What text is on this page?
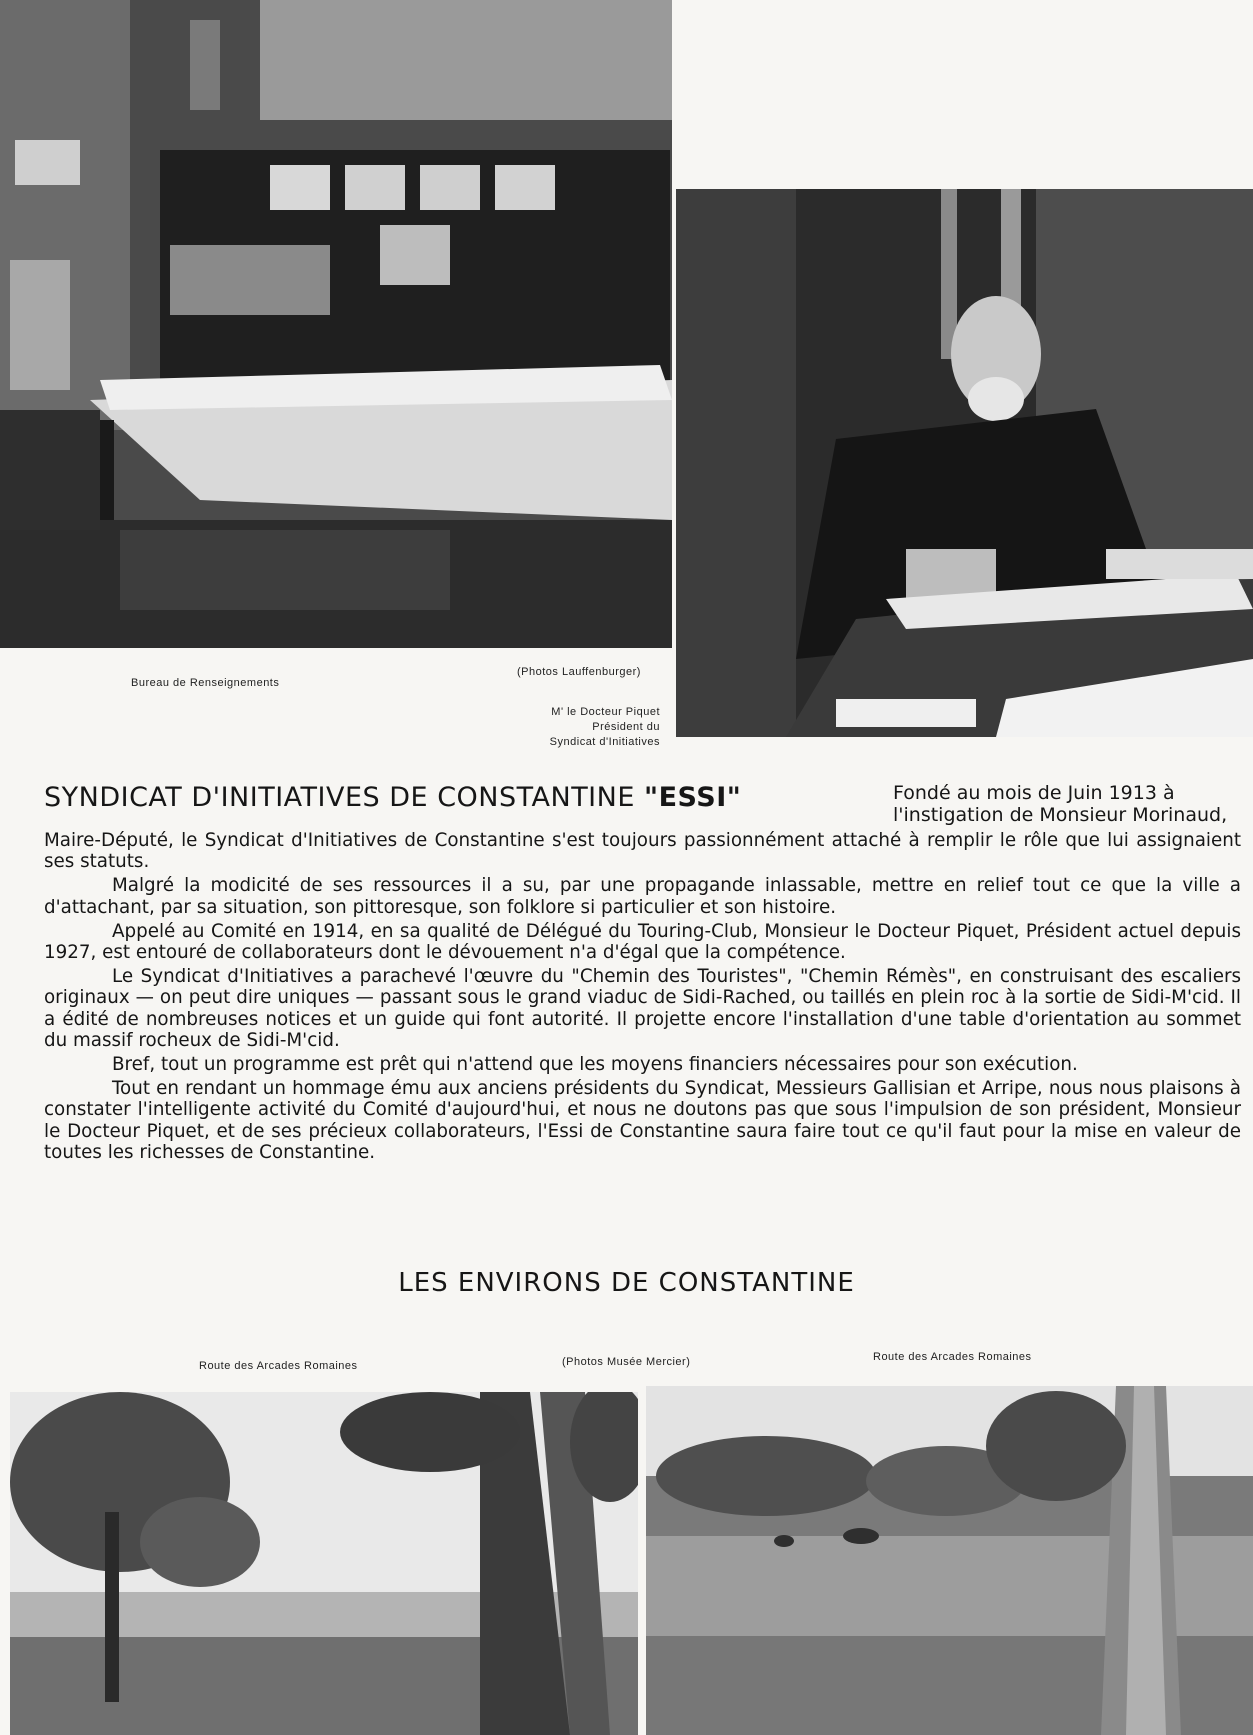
Bureau de Renseignements
(Photos Lauffenburger)
M' le Docteur Piquet
Président du
Syndicat d'Initiatives
SYNDICAT D'INITIATIVES DE CONSTANTINE "ESSI"	Fondé au mois de Juin 1913 à l'instigation de Monsieur Morinaud,

Maire-Député, le Syndicat d'Initiatives de Constantine s'est toujours passionnément attaché à remplir le rôle que lui assignaient ses statuts.

Malgré la modicité de ses ressources il a su, par une propagande inlassable, mettre en relief tout ce que la ville a d'attachant, par sa situation, son pittoresque, son folklore si particulier et son histoire.

Appelé au Comité en 1914, en sa qualité de Délégué du Touring-Club, Monsieur le Docteur Piquet, Président actuel depuis 1927, est entouré de collaborateurs dont le dévouement n'a d'égal que la compétence.

Le Syndicat d'Initiatives a parachevé l'œuvre du "Chemin des Touristes", "Chemin Rémès", en construisant des escaliers originaux — on peut dire uniques — passant sous le grand viaduc de Sidi-Rached, ou taillés en plein roc à la sortie de Sidi-M'cid. Il a édité de nombreuses notices et un guide qui font autorité. Il projette encore l'installation d'une table d'orientation au sommet du massif rocheux de Sidi-M'cid.

Bref, tout un programme est prêt qui n'attend que les moyens financiers nécessaires pour son exécution.

Tout en rendant un hommage ému aux anciens présidents du Syndicat, Messieurs Gallisian et Arripe, nous nous plaisons à constater l'intelligente activité du Comité d'aujourd'hui, et nous ne doutons pas que sous l'impulsion de son président, Monsieur le Docteur Piquet, et de ses précieux collaborateurs, l'Essi de Constantine saura faire tout ce qu'il faut pour la mise en valeur de toutes les richesses de Constantine.

LES ENVIRONS DE CONSTANTINE
Route des Arcades Romaines	(Photos Musée Mercier)	Route des Arcades Romaines
